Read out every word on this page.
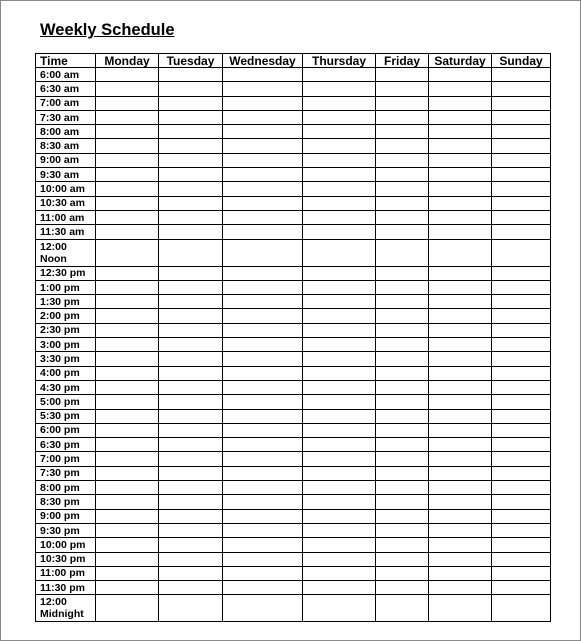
Weekly Schedule
Time	Monday	Tuesday	Wednesday	Thursday	Friday	Saturday	Sunday
6:00 am							
6:30 am							
7:00 am							
7:30 am							
8:00 am							
8:30 am							
9:00 am							
9:30 am							
10:00 am							
10:30 am							
11:00 am							
11:30 am							
12:00 Noon							
12:30 pm							
1:00 pm							
1:30 pm							
2:00 pm							
2:30 pm							
3:00 pm							
3:30 pm							
4:00 pm							
4:30 pm							
5:00 pm							
5:30 pm							
6:00 pm							
6:30 pm							
7:00 pm							
7:30 pm							
8:00 pm							
8:30 pm							
9:00 pm							
9:30 pm							
10:00 pm							
10:30 pm							
11:00 pm							
11:30 pm							
12:00 Midnight							
